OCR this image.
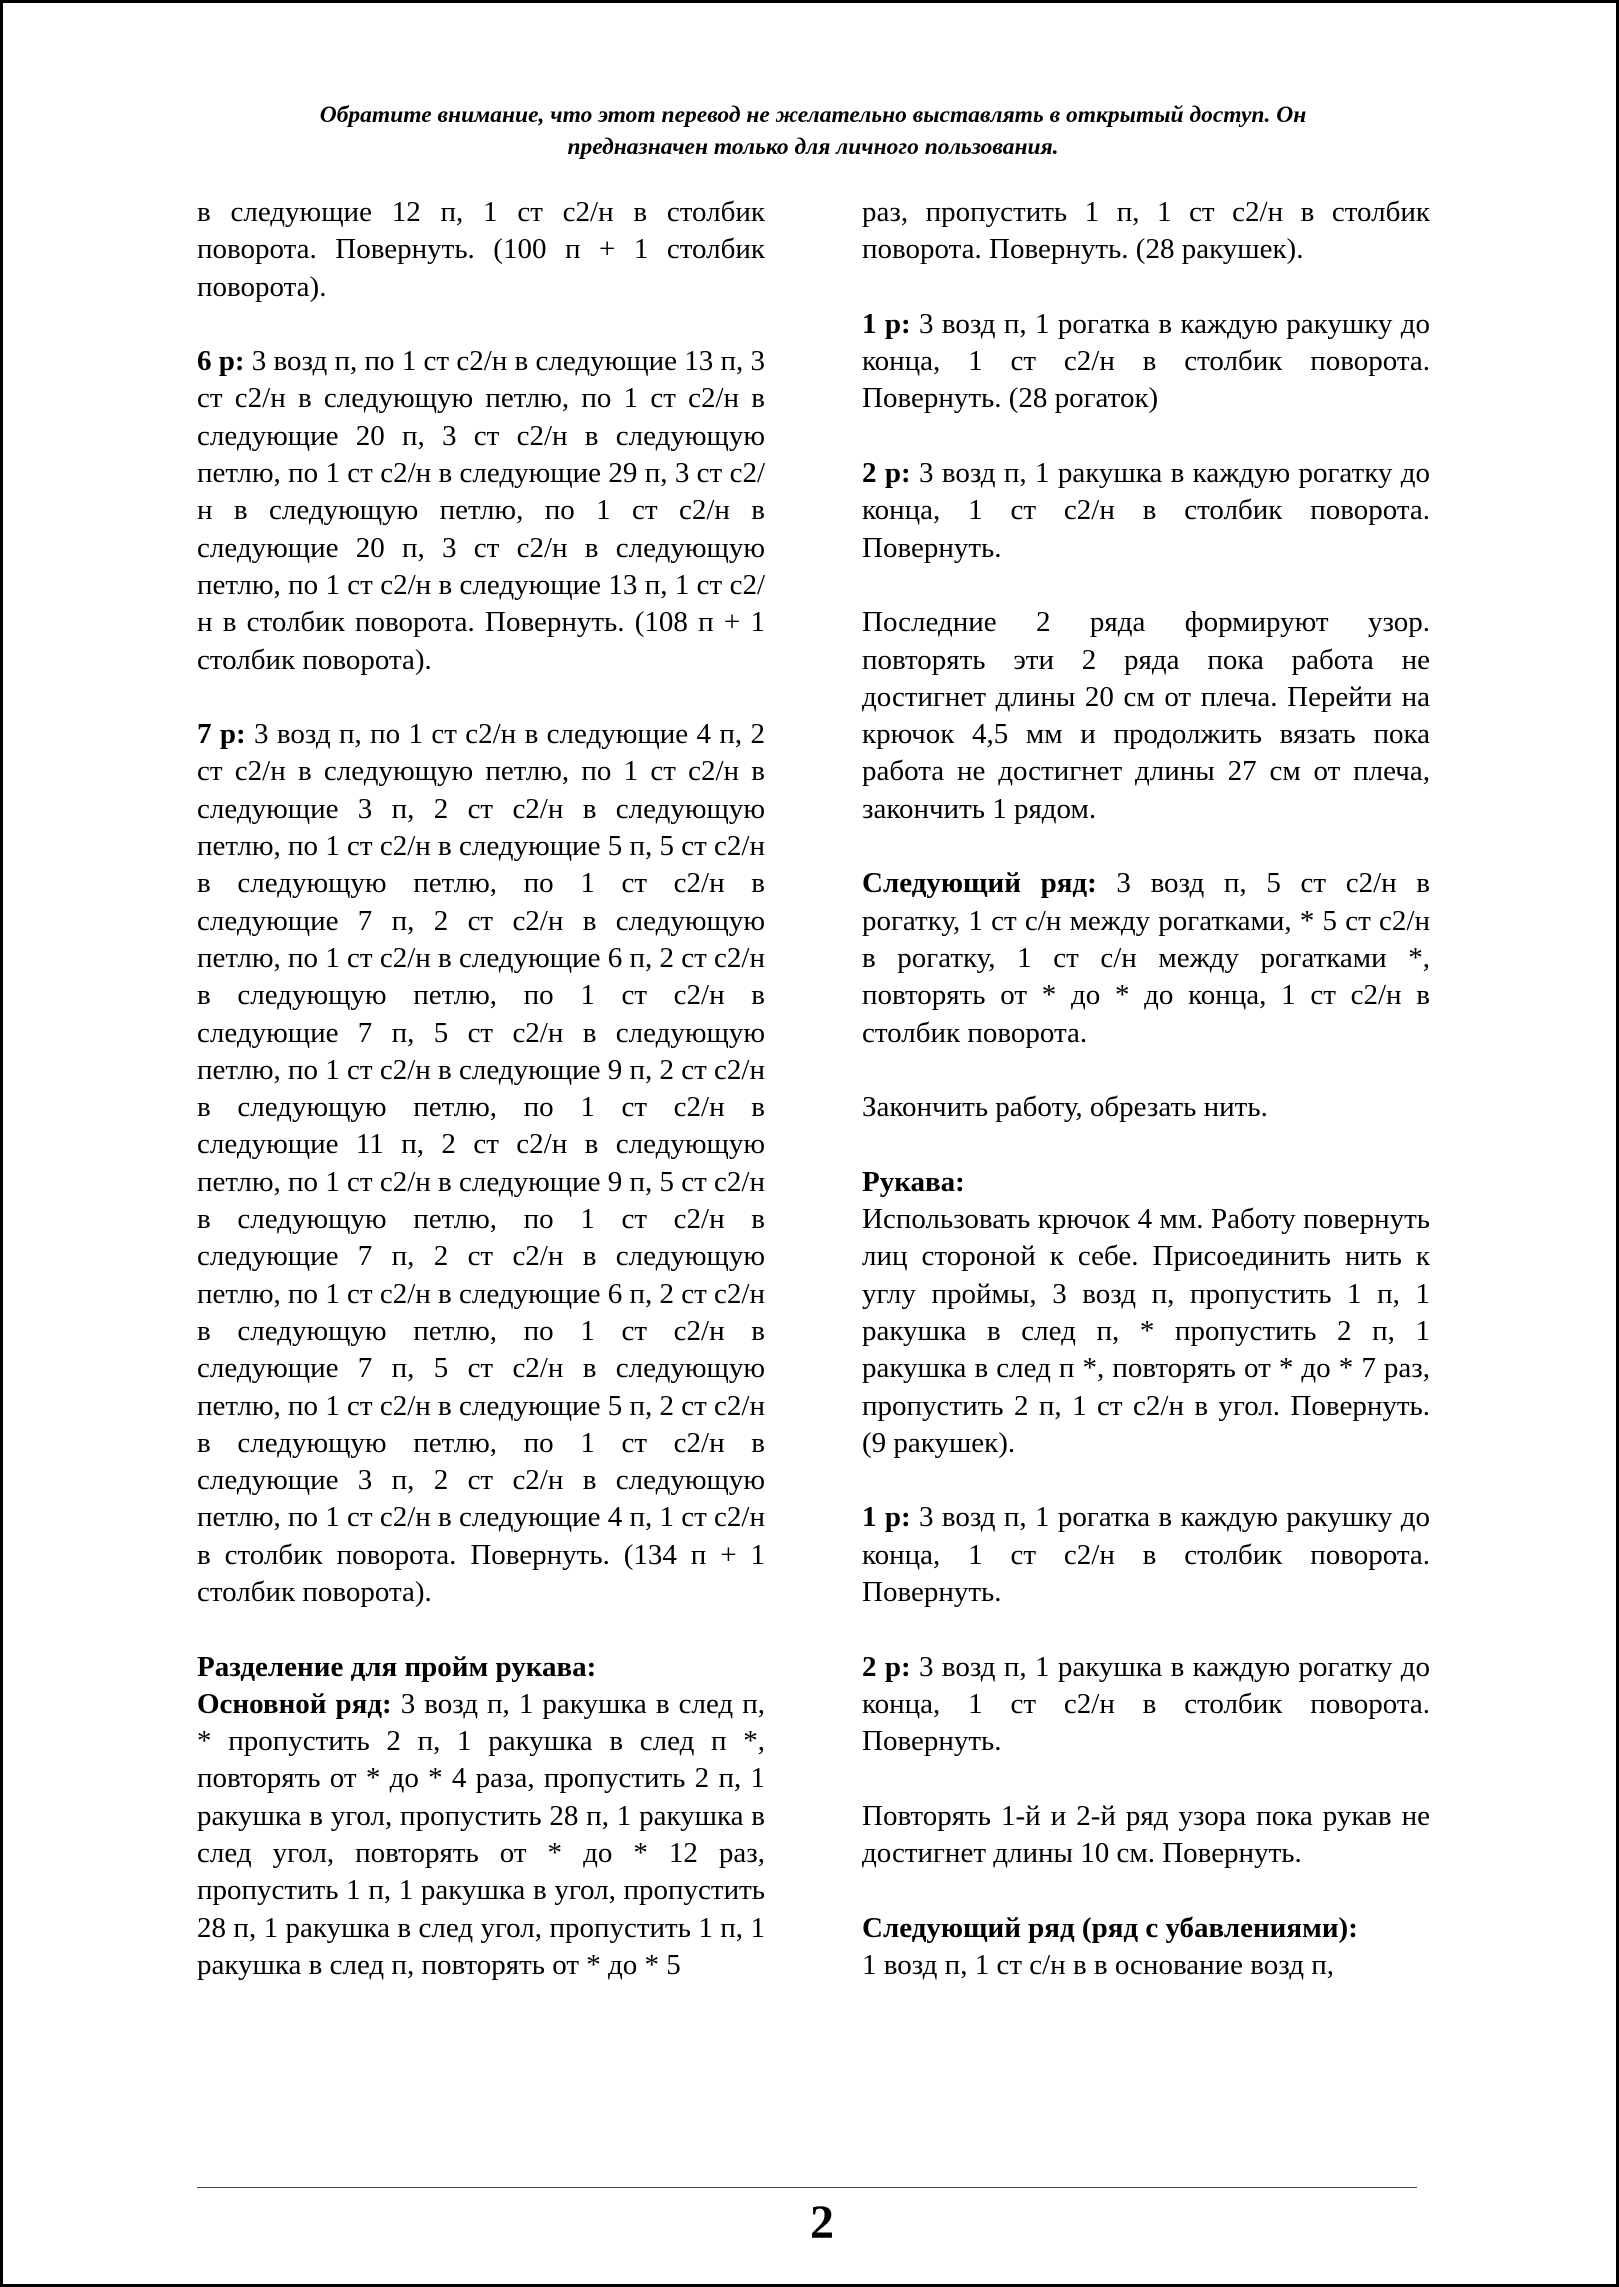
Обратите внимание, что этот перевод не желательно выставлять в открытый доступ. Он
предназначен только для личного пользования.

в следующие 12 п, 1 ст с2/н в столбик поворота. Повернуть. (100 п + 1 столбик поворота).

6 р: 3 возд п, по 1 ст с2/н в следующие 13 п, 3 ст с2/н в следующую петлю, по 1 ст с2/н в следующие 20 п, 3 ст с2/н в следующую петлю, по 1 ст с2/н в следующие 29 п, 3 ст с2/н в следующую петлю, по 1 ст с2/н в следующие 20 п, 3 ст с2/н в следующую петлю, по 1 ст с2/н в следующие 13 п, 1 ст с2/н в столбик поворота. Повернуть. (108 п + 1 столбик поворота).

7 р: 3 возд п, по 1 ст с2/н в следующие 4 п, 2 ст с2/н в следующую петлю, по 1 ст с2/н в следующие 3 п, 2 ст с2/н в следующую петлю, по 1 ст с2/н в следующие 5 п, 5 ст с2/н в следующую петлю, по 1 ст с2/н в следующие 7 п, 2 ст с2/н в следующую петлю, по 1 ст с2/н в следующие 6 п, 2 ст с2/н в следующую петлю, по 1 ст с2/н в следующие 7 п, 5 ст с2/н в следующую петлю, по 1 ст с2/н в следующие 9 п, 2 ст с2/н в следующую петлю, по 1 ст с2/н в следующие 11 п, 2 ст с2/н в следующую петлю, по 1 ст с2/н в следующие 9 п, 5 ст с2/н в следующую петлю, по 1 ст с2/н в следующие 7 п, 2 ст с2/н в следующую петлю, по 1 ст с2/н в следующие 6 п, 2 ст с2/н в следующую петлю, по 1 ст с2/н в следующие 7 п, 5 ст с2/н в следующую петлю, по 1 ст с2/н в следующие 5 п, 2 ст с2/н в следующую петлю, по 1 ст с2/н в следующие 3 п, 2 ст с2/н в следующую петлю, по 1 ст с2/н в следующие 4 п, 1 ст с2/н в столбик поворота. Повернуть. (134 п + 1 столбик поворота).

Разделение для пройм рукава:

Основной ряд: 3 возд п, 1 ракушка в след п, * пропустить 2 п, 1 ракушка в след п *, повторять от * до * 4 раза, пропустить 2 п, 1 ракушка в угол, пропустить 28 п, 1 ракушка в след угол, повторять от * до * 12 раз, пропустить 1 п, 1 ракушка в угол, пропустить 28 п, 1 ракушка в след угол, пропустить 1 п, 1 ракушка в след п, повторять от * до * 5

раз, пропустить 1 п, 1 ст с2/н в столбик поворота. Повернуть. (28 ракушек).

1 р: 3 возд п, 1 рогатка в каждую ракушку до конца, 1 ст с2/н в столбик поворота. Повернуть. (28 рогаток)

2 р: 3 возд п, 1 ракушка в каждую рогатку до конца, 1 ст с2/н в столбик поворота. Повернуть.

Последние 2 ряда формируют узор. повторять эти 2 ряда пока работа не достигнет длины 20 см от плеча. Перейти на крючок 4,5 мм и продолжить вязать пока работа не достигнет длины 27 см от плеча, закончить 1 рядом.

Следующий ряд: 3 возд п, 5 ст с2/н в рогатку, 1 ст с/н между рогатками, * 5 ст с2/н в рогатку, 1 ст с/н между рогатками *, повторять от * до * до конца, 1 ст с2/н в столбик поворота.

Закончить работу, обрезать нить.

Рукава:

Использовать крючок 4 мм. Работу повернуть лиц стороной к себе. Присоединить нить к углу проймы, 3 возд п, пропустить 1 п, 1 ракушка в след п, * пропустить 2 п, 1 ракушка в след п *, повторять от * до * 7 раз, пропустить 2 п, 1 ст с2/н в угол. Повернуть. (9 ракушек).

1 р: 3 возд п, 1 рогатка в каждую ракушку до конца, 1 ст с2/н в столбик поворота. Повернуть.

2 р: 3 возд п, 1 ракушка в каждую рогатку до конца, 1 ст с2/н в столбик поворота. Повернуть.

Повторять 1-й и 2-й ряд узора пока рукав не достигнет длины 10 см. Повернуть.

Следующий ряд (ряд с убавлениями):

1 возд п, 1 ст с/н в в основание возд п,

2
